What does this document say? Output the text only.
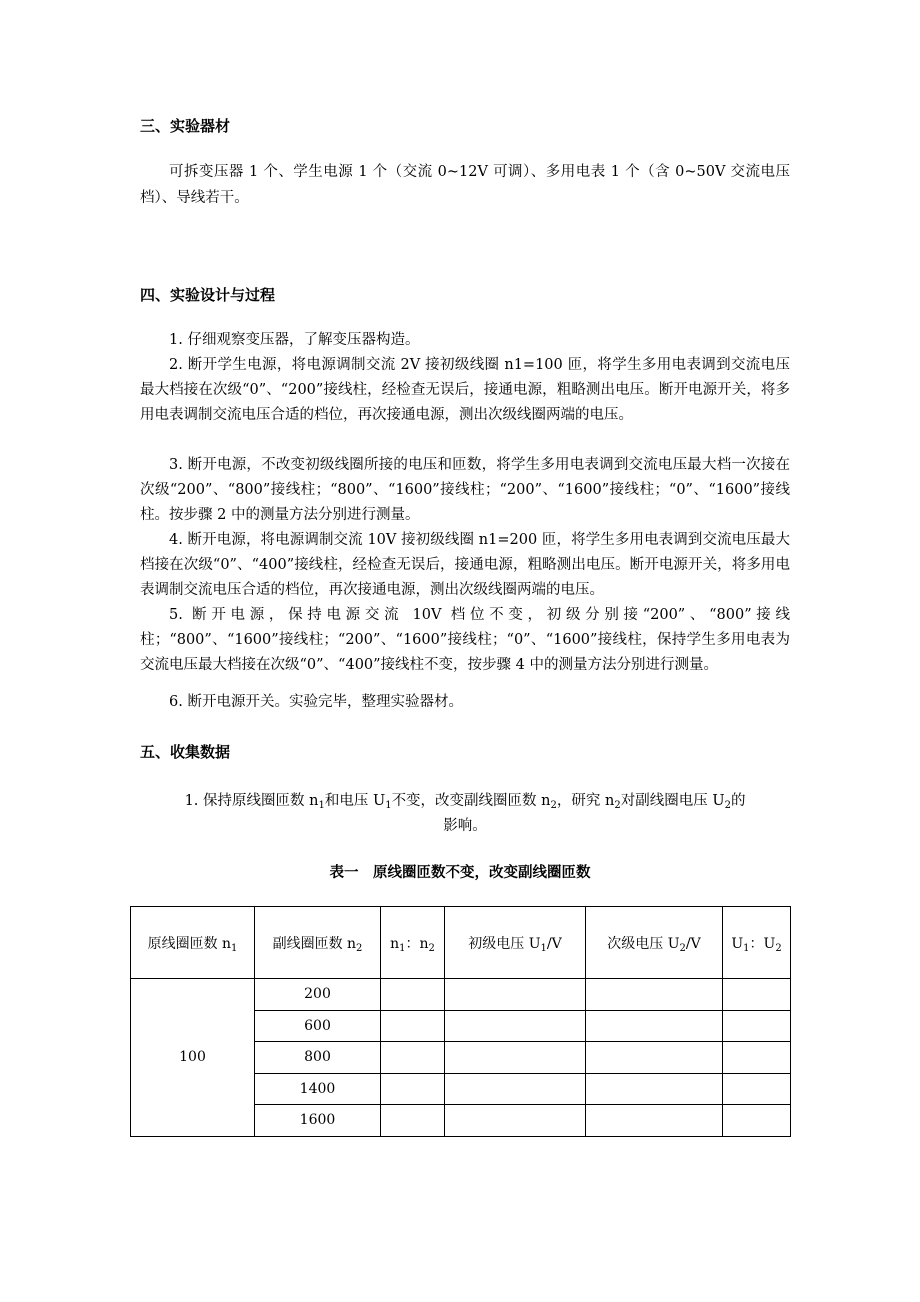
三、实验器材

可拆变压器 1 个、学生电源 1 个（交流 0~12V 可调）、多用电表 1 个（含 0~50V 交流电压档）、导线若干。

四、实验设计与过程

1. 仔细观察变压器，了解变压器构造。

2. 断开学生电源，将电源调制交流 2V 接初级线圈 n1=100 匝，将学生多用电表调到交流电压最大档接在次级“0”、“200”接线柱，经检查无误后，接通电源，粗略测出电压。断开电源开关，将多用电表调制交流电压合适的档位，再次接通电源，测出次级线圈两端的电压。

3. 断开电源，不改变初级线圈所接的电压和匝数，将学生多用电表调到交流电压最大档一次接在次级“200”、“800”接线柱；“800”、“1600”接线柱；“200”、“1600”接线柱；“0”、“1600”接线柱。按步骤 2 中的测量方法分别进行测量。

4. 断开电源，将电源调制交流 10V 接初级线圈 n1=200 匝，将学生多用电表调到交流电压最大档接在次级“0”、“400”接线柱，经检查无误后，接通电源，粗略测出电压。断开电源开关，将多用电表调制交流电压合适的档位，再次接通电源，测出次级线圈两端的电压。

5. 断开电源，保持电源交流 10V 档位不变，初级分别接“200”、“800”接线柱；“800”、“1600”接线柱；“200”、“1600”接线柱；“0”、“1600”接线柱，保持学生多用电表为交流电压最大档接在次级“0”、“400”接线柱不变，按步骤 4 中的测量方法分别进行测量。

6. 断开电源开关。实验完毕，整理实验器材。

五、收集数据
1. 保持原线圈匝数 $n_1$和电压 $U_1$不变，改变副线圈匝数 $n_2$，研究 $n_2$对副线圈电压 $U_2$的
影响。
表一　原线圈匝数不变，改变副线圈匝数
原线圈匝数 $n_1$	副线圈匝数 $n_2$	$n_1$：$n_2$	初级电压 $U_1/V$	次级电压 $U_2/V$	$U_1$：$U_2$
100	200				
	600				
	800				
	1400				
	1600				
